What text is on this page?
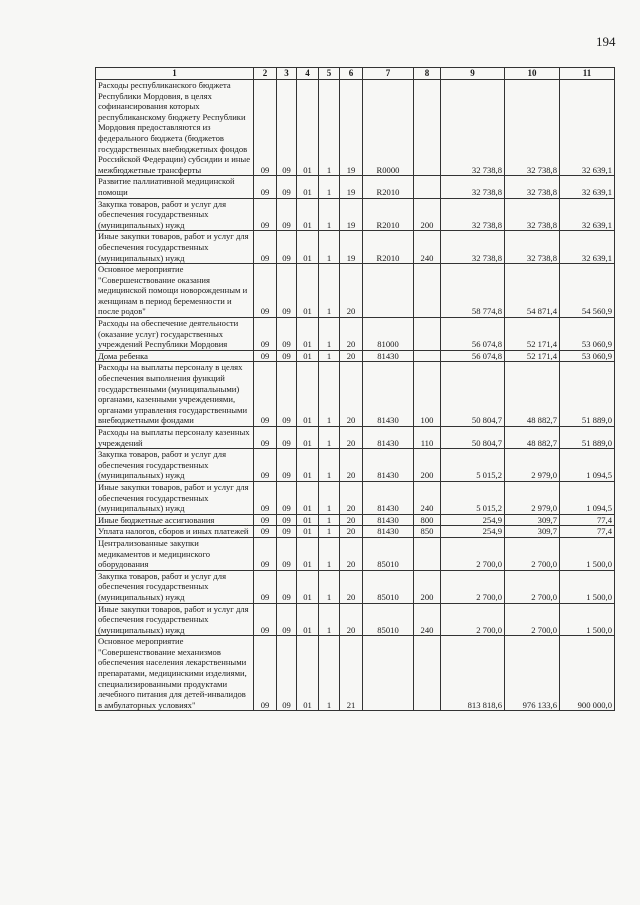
194
1	2	3	4	5	6	7	8	9	10	11
Расходы республиканского бюджета Республики Мордовия, в целях софинансирования которых республиканскому бюджету Республики Мордовия предоставляются из федерального бюджета (бюджетов государственных внебюджетных фондов Российской Федерации) субсидии и иные межбюджетные трансферты	09	09	01	1	19	R0000		32 738,8	32 738,8	32 639,1
Развитие паллиативной медицинской помощи	09	09	01	1	19	R2010		32 738,8	32 738,8	32 639,1
Закупка товаров, работ и услуг для обеспечения государственных (муниципальных) нужд	09	09	01	1	19	R2010	200	32 738,8	32 738,8	32 639,1
Иные закупки товаров, работ и услуг для обеспечения государственных (муниципальных) нужд	09	09	01	1	19	R2010	240	32 738,8	32 738,8	32 639,1
Основное мероприятие "Совершенствование оказания медицинской помощи новорожденным и женщинам в период беременности и после родов"	09	09	01	1	20			58 774,8	54 871,4	54 560,9
Расходы на обеспечение деятельности (оказание услуг) государственных учреждений Республики Мордовия	09	09	01	1	20	81000		56 074,8	52 171,4	53 060,9
Дома ребенка	09	09	01	1	20	81430		56 074,8	52 171,4	53 060,9
Расходы на выплаты персоналу в целях обеспечения выполнения функций государственными (муниципальными) органами, казенными учреждениями, органами управления государственными внебюджетными фондами	09	09	01	1	20	81430	100	50 804,7	48 882,7	51 889,0
Расходы на выплаты персоналу казенных учреждений	09	09	01	1	20	81430	110	50 804,7	48 882,7	51 889,0
Закупка товаров, работ и услуг для обеспечения государственных (муниципальных) нужд	09	09	01	1	20	81430	200	5 015,2	2 979,0	1 094,5
Иные закупки товаров, работ и услуг для обеспечения государственных (муниципальных) нужд	09	09	01	1	20	81430	240	5 015,2	2 979,0	1 094,5
Иные бюджетные ассигнования	09	09	01	1	20	81430	800	254,9	309,7	77,4
Уплата налогов, сборов и иных платежей	09	09	01	1	20	81430	850	254,9	309,7	77,4
Централизованные закупки медикаментов и медицинского оборудования	09	09	01	1	20	85010		2 700,0	2 700,0	1 500,0
Закупка товаров, работ и услуг для обеспечения государственных (муниципальных) нужд	09	09	01	1	20	85010	200	2 700,0	2 700,0	1 500,0
Иные закупки товаров, работ и услуг для обеспечения государственных (муниципальных) нужд	09	09	01	1	20	85010	240	2 700,0	2 700,0	1 500,0
Основное мероприятие "Совершенствование механизмов обеспечения населения лекарственными препаратами, медицинскими изделиями, специализированными продуктами лечебного питания для детей-инвалидов в амбулаторных условиях"	09	09	01	1	21			813 818,6	976 133,6	900 000,0
